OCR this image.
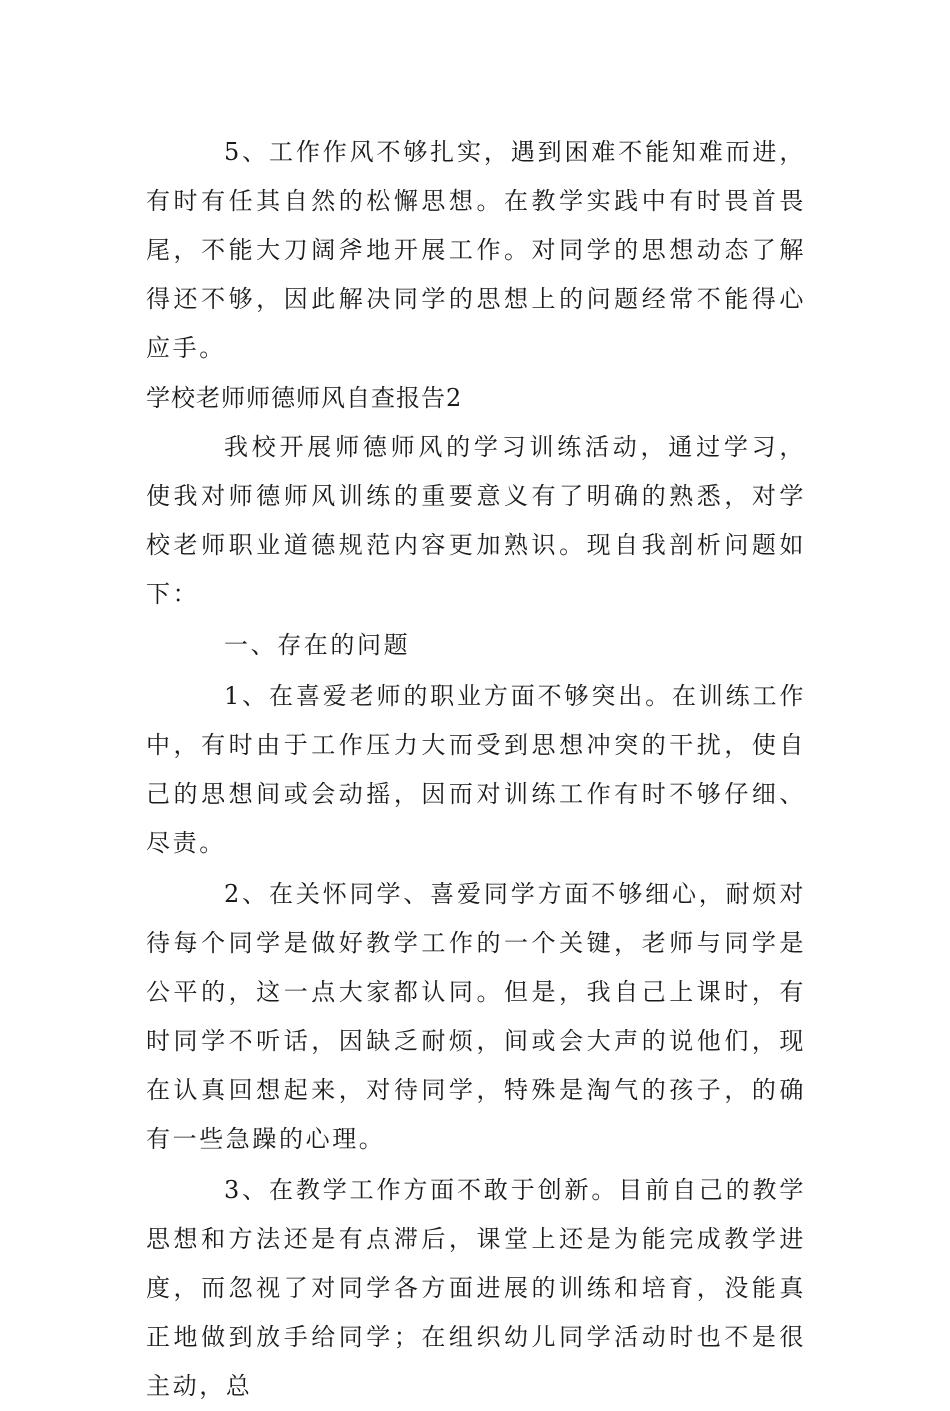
5、工作作风不够扎实，遇到困难不能知难而进，有时有任其自然的松懈思想。在教学实践中有时畏首畏尾，不能大刀阔斧地开展工作。对同学的思想动态了解得还不够，因此解决同学的思想上的问题经常不能得心应手。

学校老师师德师风自查报告2

我校开展师德师风的学习训练活动，通过学习，使我对师德师风训练的重要意义有了明确的熟悉，对学校老师职业道德规范内容更加熟识。现自我剖析问题如下：

一、存在的问题

1、在喜爱老师的职业方面不够突出。在训练工作中，有时由于工作压力大而受到思想冲突的干扰，使自己的思想间或会动摇，因而对训练工作有时不够仔细、尽责。

2、在关怀同学、喜爱同学方面不够细心，耐烦对待每个同学是做好教学工作的一个关键，老师与同学是公平的，这一点大家都认同。但是，我自己上课时，有时同学不听话，因缺乏耐烦，间或会大声的说他们，现在认真回想起来，对待同学，特殊是淘气的孩子，的确有一些急躁的心理。

3、在教学工作方面不敢于创新。目前自己的教学思想和方法还是有点滞后，课堂上还是为能完成教学进度，而忽视了对同学各方面进展的训练和培育，没能真正地做到放手给同学；在组织幼儿同学活动时也不是很主动，总
